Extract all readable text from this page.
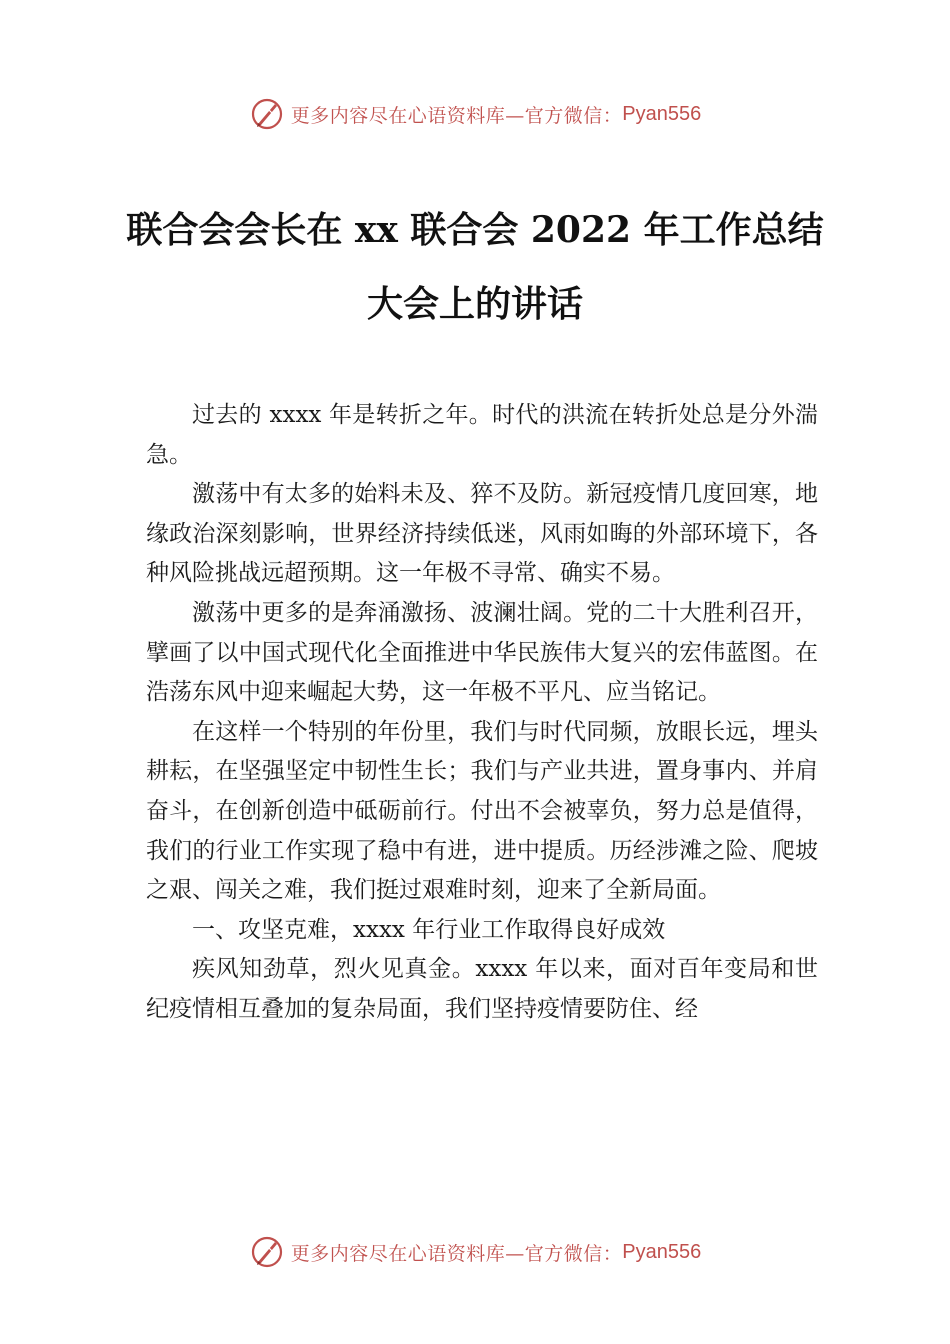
更多内容尽在心语资料库—官方微信： Pyan556
联合会会长在 xx 联合会 2022 年工作总结
大会上的讲话

过去的 xxxx 年是转折之年。时代的洪流在转折处总是分外湍急。

激荡中有太多的始料未及、猝不及防。新冠疫情几度回寒，地缘政治深刻影响，世界经济持续低迷，风雨如晦的外部环境下，各种风险挑战远超预期。这一年极不寻常、确实不易。

激荡中更多的是奔涌激扬、波澜壮阔。党的二十大胜利召开，擘画了以中国式现代化全面推进中华民族伟大复兴的宏伟蓝图。在浩荡东风中迎来崛起大势，这一年极不平凡、应当铭记。

在这样一个特别的年份里，我们与时代同频，放眼长远，埋头耕耘，在坚强坚定中韧性生长；我们与产业共进，置身事内、并肩奋斗，在创新创造中砥砺前行。付出不会被辜负，努力总是值得，我们的行业工作实现了稳中有进，进中提质。历经涉滩之险、爬坡之艰、闯关之难，我们挺过艰难时刻，迎来了全新局面。

一、攻坚克难，xxxx 年行业工作取得良好成效

疾风知劲草，烈火见真金。xxxx 年以来，面对百年变局和世纪疫情相互叠加的复杂局面，我们坚持疫情要防住、经

更多内容尽在心语资料库—官方微信： Pyan556
